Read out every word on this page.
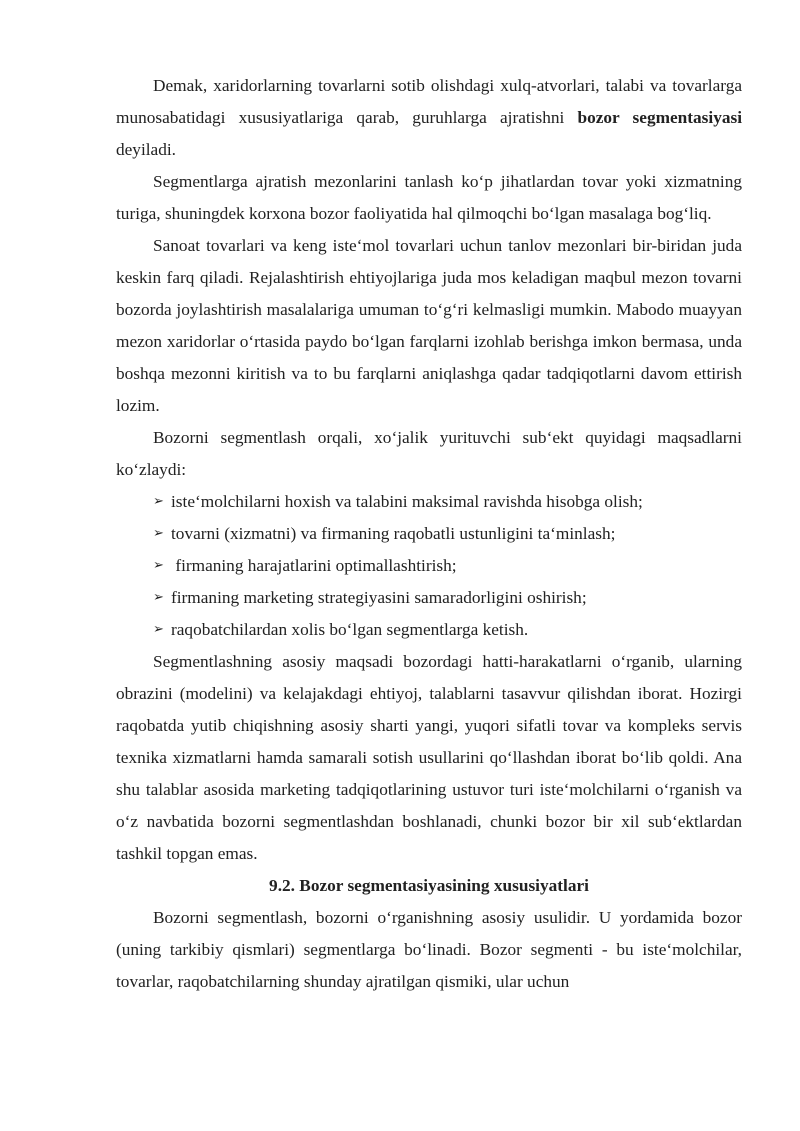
Demak, xaridorlarning tovarlarni sotib olishdagi xulq-atvorlari, talabi va tovarlarga munosabatidagi xususiyatlariga qarab, guruhlarga ajratishni bozor segmentasiyasi deyiladi.

Segmentlarga ajratish mezonlarini tanlash ko‘p jihatlardan tovar yoki xizmatning turiga, shuningdek korxona bozor faoliyatida hal qilmoqchi bo‘lgan masalaga bog‘liq.

Sanoat tovarlari va keng iste‘mol tovarlari uchun tanlov mezonlari bir-biridan juda keskin farq qiladi. Rejalashtirish ehtiyojlariga juda mos keladigan maqbul mezon tovarni bozorda joylashtirish masalalariga umuman to‘g‘ri kelmasligi mumkin. Mabodo muayyan mezon xaridorlar o‘rtasida paydo bo‘lgan farqlarni izohlab berishga imkon bermasa, unda boshqa mezonni kiritish va to bu farqlarni aniqlashga qadar tadqiqotlarni davom ettirish lozim.

Bozorni segmentlash orqali, xo‘jalik yurituvchi sub‘ekt quyidagi maqsadlarni ko‘zlaydi:

➢ iste‘molchilarni hoxish va talabini maksimal ravishda hisobga olish;
➢ tovarni (xizmatni) va firmaning raqobatli ustunligini ta‘minlash;
➢ firmaning harajatlarini optimallashtirish;
➢ firmaning marketing strategiyasini samaradorligini oshirish;
➢ raqobatchilardan xolis bo‘lgan segmentlarga ketish.

Segmentlashning asosiy maqsadi bozordagi hatti-harakatlarni o‘rganib, ularning obrazini (modelini) va kelajakdagi ehtiyoj, talablarni tasavvur qilishdan iborat. Hozirgi raqobatda yutib chiqishning asosiy sharti yangi, yuqori sifatli tovar va kompleks servis texnika xizmatlarni hamda samarali sotish usullarini qo‘llashdan iborat bo‘lib qoldi. Ana shu talablar asosida marketing tadqiqotlarining ustuvor turi iste‘molchilarni o‘rganish va o‘z navbatida bozorni segmentlashdan boshlanadi, chunki bozor bir xil sub‘ektlardan tashkil topgan emas.

9.2. Bozor segmentasiyasining xususiyatlari

Bozorni segmentlash, bozorni o‘rganishning asosiy usulidir. U yordamida bozor (uning tarkibiy qismlari) segmentlarga bo‘linadi. Bozor segmenti - bu iste‘molchilar, tovarlar, raqobatchilarning shunday ajratilgan qismiki, ular uchun
